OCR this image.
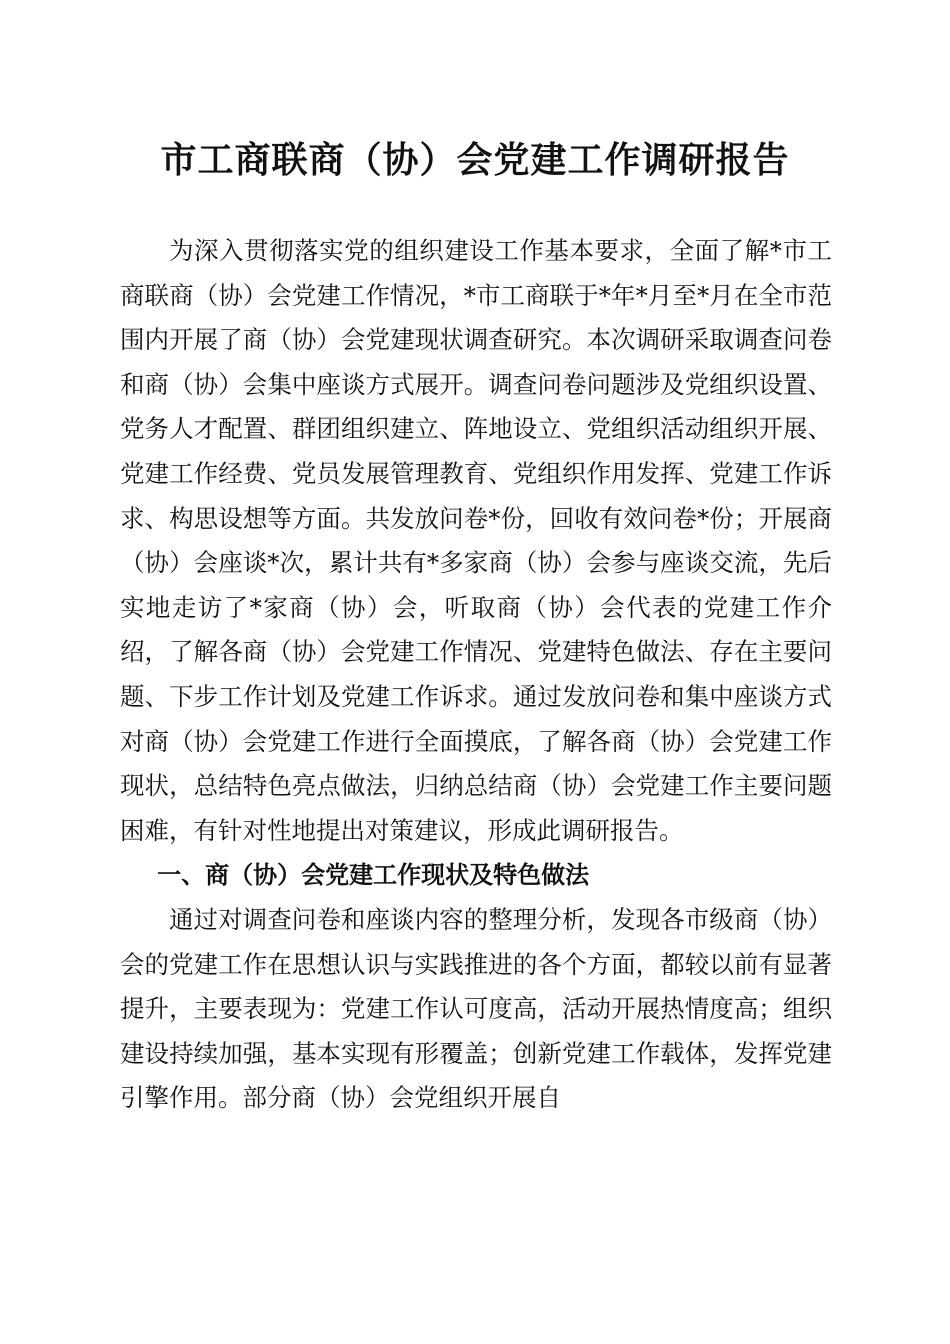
市工商联商（协）会党建工作调研报告

为深入贯彻落实党的组织建设工作基本要求，全面了解*市工商联商（协）会党建工作情况，*市工商联于*年*月至*月在全市范围内开展了商（协）会党建现状调查研究。本次调研采取调查问卷和商（协）会集中座谈方式展开。调查问卷问题涉及党组织设置、党务人才配置、群团组织建立、阵地设立、党组织活动组织开展、党建工作经费、党员发展管理教育、党组织作用发挥、党建工作诉求、构思设想等方面。共发放问卷*份，回收有效问卷*份；开展商（协）会座谈*次，累计共有*多家商（协）会参与座谈交流，先后实地走访了*家商（协）会，听取商（协）会代表的党建工作介绍，了解各商（协）会党建工作情况、党建特色做法、存在主要问题、下步工作计划及党建工作诉求。通过发放问卷和集中座谈方式对商（协）会党建工作进行全面摸底，了解各商（协）会党建工作现状，总结特色亮点做法，归纳总结商（协）会党建工作主要问题困难，有针对性地提出对策建议，形成此调研报告。

一、商（协）会党建工作现状及特色做法

通过对调查问卷和座谈内容的整理分析，发现各市级商（协）会的党建工作在思想认识与实践推进的各个方面，都较以前有显著提升，主要表现为：党建工作认可度高，活动开展热情度高；组织建设持续加强，基本实现有形覆盖；创新党建工作载体，发挥党建引擎作用。部分商（协）会党组织开展自
